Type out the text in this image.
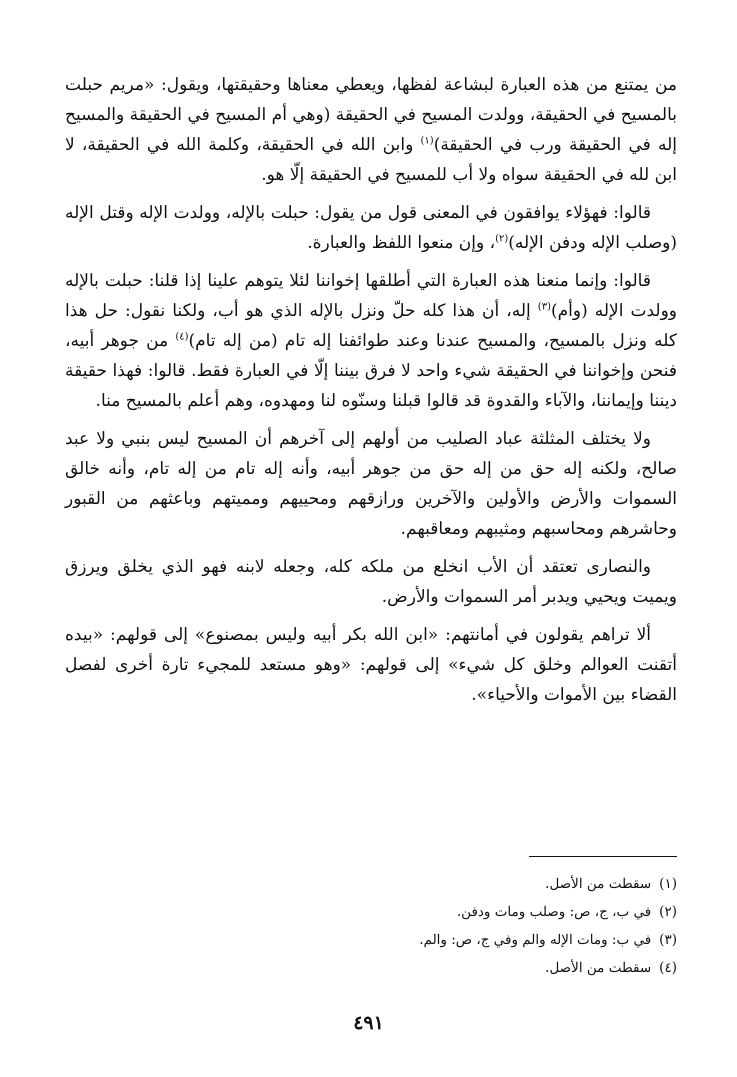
من يمتنع من هذه العبارة لبشاعة لفظها، ويعطي معناها وحقيقتها، ويقول: «مريم حبلت بالمسيح في الحقيقة، وولدت المسيح في الحقيقة (وهي أم المسيح في الحقيقة والمسيح إله في الحقيقة ورب في الحقيقة)$^{(١)}$ وابن الله في الحقيقة، وكلمة الله في الحقيقة، لا ابن لله في الحقيقة سواه ولا أب للمسيح في الحقيقة إلّا هو.

قالوا: فهؤلاء يوافقون في المعنى قول من يقول: حبلت بالإله، وولدت الإله وقتل الإله (وصلب الإله ودفن الإله)$^{(٢)}$، وإن منعوا اللفظ والعبارة.

قالوا: وإنما منعنا هذه العبارة التي أطلقها إخواننا لئلا يتوهم علينا إذا قلنا: حبلت بالإله وولدت الإله (وأم)$^{(٣)}$ إله، أن هذا كله حلّ ونزل بالإله الذي هو أب، ولكنا نقول: حل هذا كله ونزل بالمسيح، والمسيح عندنا وعند طوائفنا إله تام (من إله تام)$^{(٤)}$ من جوهر أبيه، فنحن وإخواننا في الحقيقة شيء واحد لا فرق بيننا إلّا في العبارة فقط. قالوا: فهذا حقيقة ديننا وإيماننا، والآباء والقدوة قد قالوا قبلنا وسنّوه لنا ومهدوه، وهم أعلم بالمسيح منا.

ولا يختلف المثلثة عباد الصليب من أولهم إلى آخرهم أن المسيح ليس بنبي ولا عبد صالح، ولكنه إله حق من إله حق من جوهر أبيه، وأنه إله تام من إله تام، وأنه خالق السموات والأرض والأولين والآخرين ورازقهم ومحييهم ومميتهم وباعثهم من القبور وحاشرهم ومحاسبهم ومثيبهم ومعاقبهم.

والنصارى تعتقد أن الأب انخلع من ملكه كله، وجعله لابنه فهو الذي يخلق ويرزق ويميت ويحيي ويدبر أمر السموات والأرض.

ألا تراهم يقولون في أمانتهم: «ابن الله بكر أبيه وليس بمصنوع» إلى قولهم: «بيده أتقنت العوالم وخلق كل شيء» إلى قولهم: «وهو مستعد للمجيء تارة أخرى لفصل القضاء بين الأموات والأحياء».

(١)سقطت من الأصل.
(٢)في ب، ج، ص: وصلب ومات ودفن.
(٣)في ب: ومات الإله والم وفي ج، ص: والم.
(٤)سقطت من الأصل.
٤٩١
